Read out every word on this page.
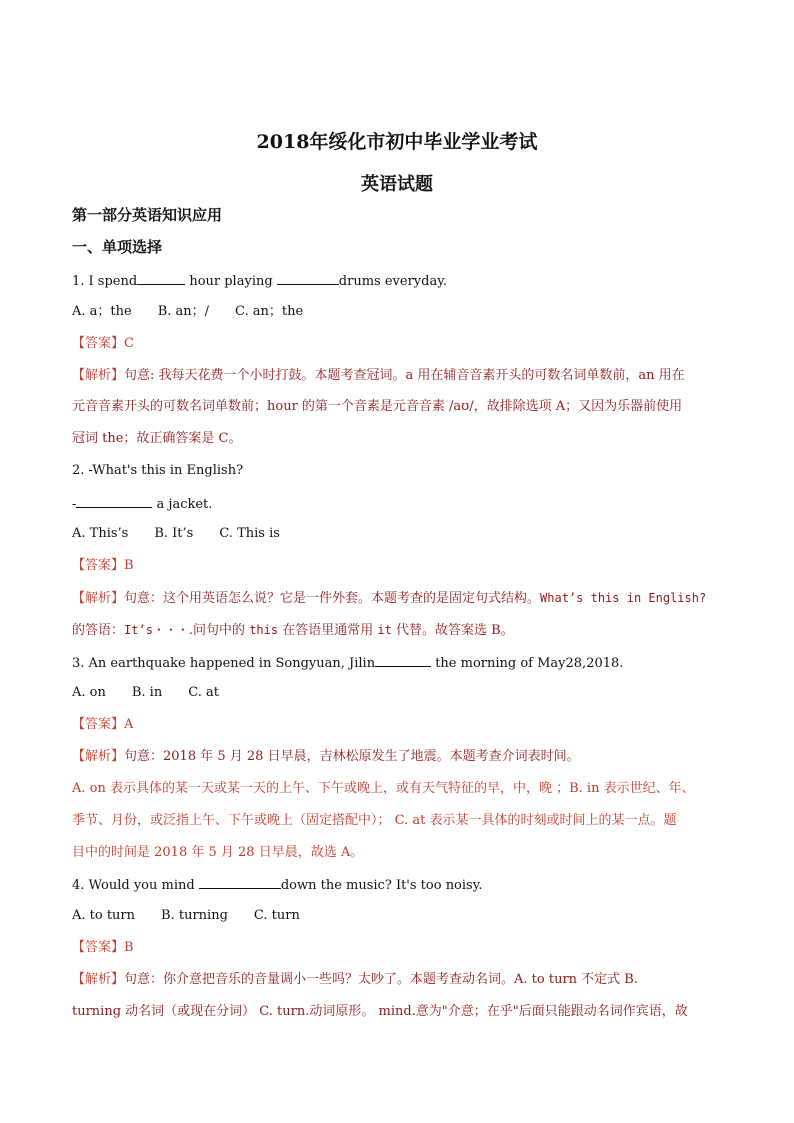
2018年绥化市初中毕业学业考试
英语试题
第一部分英语知识应用
一、单项选择
1. I spend	hour playing	drums everyday.
A. a；the B. an；/ C. an；the
【答案】C
【解析】句意: 我每天花费一个小时打鼓。本题考查冠词。a 用在辅音音素开头的可数名词单数前，an 用在
元音音素开头的可数名词单数前；hour 的第一个音素是元音音素 /aʊ/，故排除选项 A；又因为乐器前使用
冠词 the；故正确答案是 C。
2. -What's this in English?
-	a jacket.
A. This’s B. It’s C. This is
【答案】B
【解析】句意：这个用英语怎么说？它是一件外套。本题考查的是固定句式结构。What’s this in English?
的答语：It’s・・・.问句中的 this 在答语里通常用 it 代替。故答案选 B。
3. An earthquake happened in Songyuan, Jilin	the morning of May28,2018.
A. on B. in C. at
【答案】A
【解析】句意：2018 年 5 月 28 日早晨，吉林松原发生了地震。本题考查介词表时间。
A. on 表示具体的某一天或某一天的上午、下午或晚上，或有天气特征的早，中，晚 ；B. in 表示世纪、年、
季节、月份，或泛指上午、下午或晚上（固定搭配中）； C. at 表示某一具体的时刻或时间上的某一点。题
目中的时间是 2018 年 5 月 28 日早晨，故选 A。
4. Would you mind	down the music? It's too noisy.
A. to turn B. turning C. turn
【答案】B
【解析】句意：你介意把音乐的音量调小一些吗？太吵了。本题考查动名词。A. to turn 不定式 B.
turning 动名词（或现在分词） C. turn.动词原形。 mind.意为"介意；在乎"后面只能跟动名词作宾语，故
